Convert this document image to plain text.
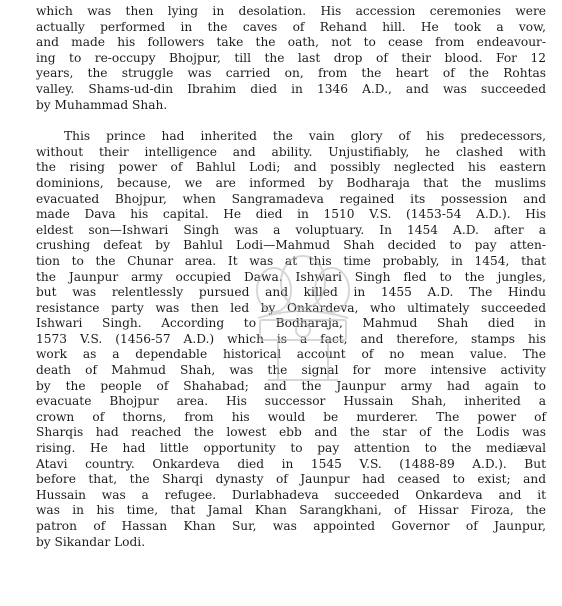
which was then lying in desolation. His accession ceremonies were
actually performed in the caves of Rehand hill. He took a vow,
and made his followers take the oath, not to cease from endeavour-
ing to re-occupy Bhojpur, till the last drop of their blood. For 12
years, the struggle was carried on, from the heart of the Rohtas
valley. Shams-ud-din Ibrahim died in 1346 A.D., and was succeeded
by Muhammad Shah.

This prince had inherited the vain glory of his predecessors,
without their intelligence and ability. Unjustifiably, he clashed with
the rising power of Bahlul Lodi; and possibly neglected his eastern
dominions, because, we are informed by Bodharaja that the muslims
evacuated Bhojpur, when Sangramadeva regained its possession and
made Dava his capital. He died in 1510 V.S. (1453-54 A.D.). His
eldest son—Ishwari Singh was a voluptuary. In 1454 A.D. after a
crushing defeat by Bahlul Lodi—Mahmud Shah decided to pay atten-
tion to the Chunar area. It was at this time probably, in 1454, that
the Jaunpur army occupied Dawa. Ishwari Singh fled to the jungles,
but was relentlessly pursued and killed in 1455 A.D. The Hindu
resistance party was then led by Onkardeva, who ultimately succeeded
Ishwari Singh. According to Bodharaja, Mahmud Shah died in
1573 V.S. (1456-57 A.D.) which is a fact, and therefore, stamps his
work as a dependable historical account of no mean value. The
death of Mahmud Shah, was the signal for more intensive activity
by the people of Shahabad; and the Jaunpur army had again to
evacuate Bhojpur area. His successor Hussain Shah, inherited a
crown of thorns, from his would be murderer. The power of
Sharqis had reached the lowest ebb and the star of the Lodis was
rising. He had little opportunity to pay attention to the mediæval
Atavi country. Onkardeva died in 1545 V.S. (1488-89 A.D.). But
before that, the Sharqi dynasty of Jaunpur had ceased to exist; and
Hussain was a refugee. Durlabhadeva succeeded Onkardeva and it
was in his time, that Jamal Khan Sarangkhani, of Hissar Firoza, the
patron of Hassan Khan Sur, was appointed Governor of Jaunpur,
by Sikandar Lodi.
